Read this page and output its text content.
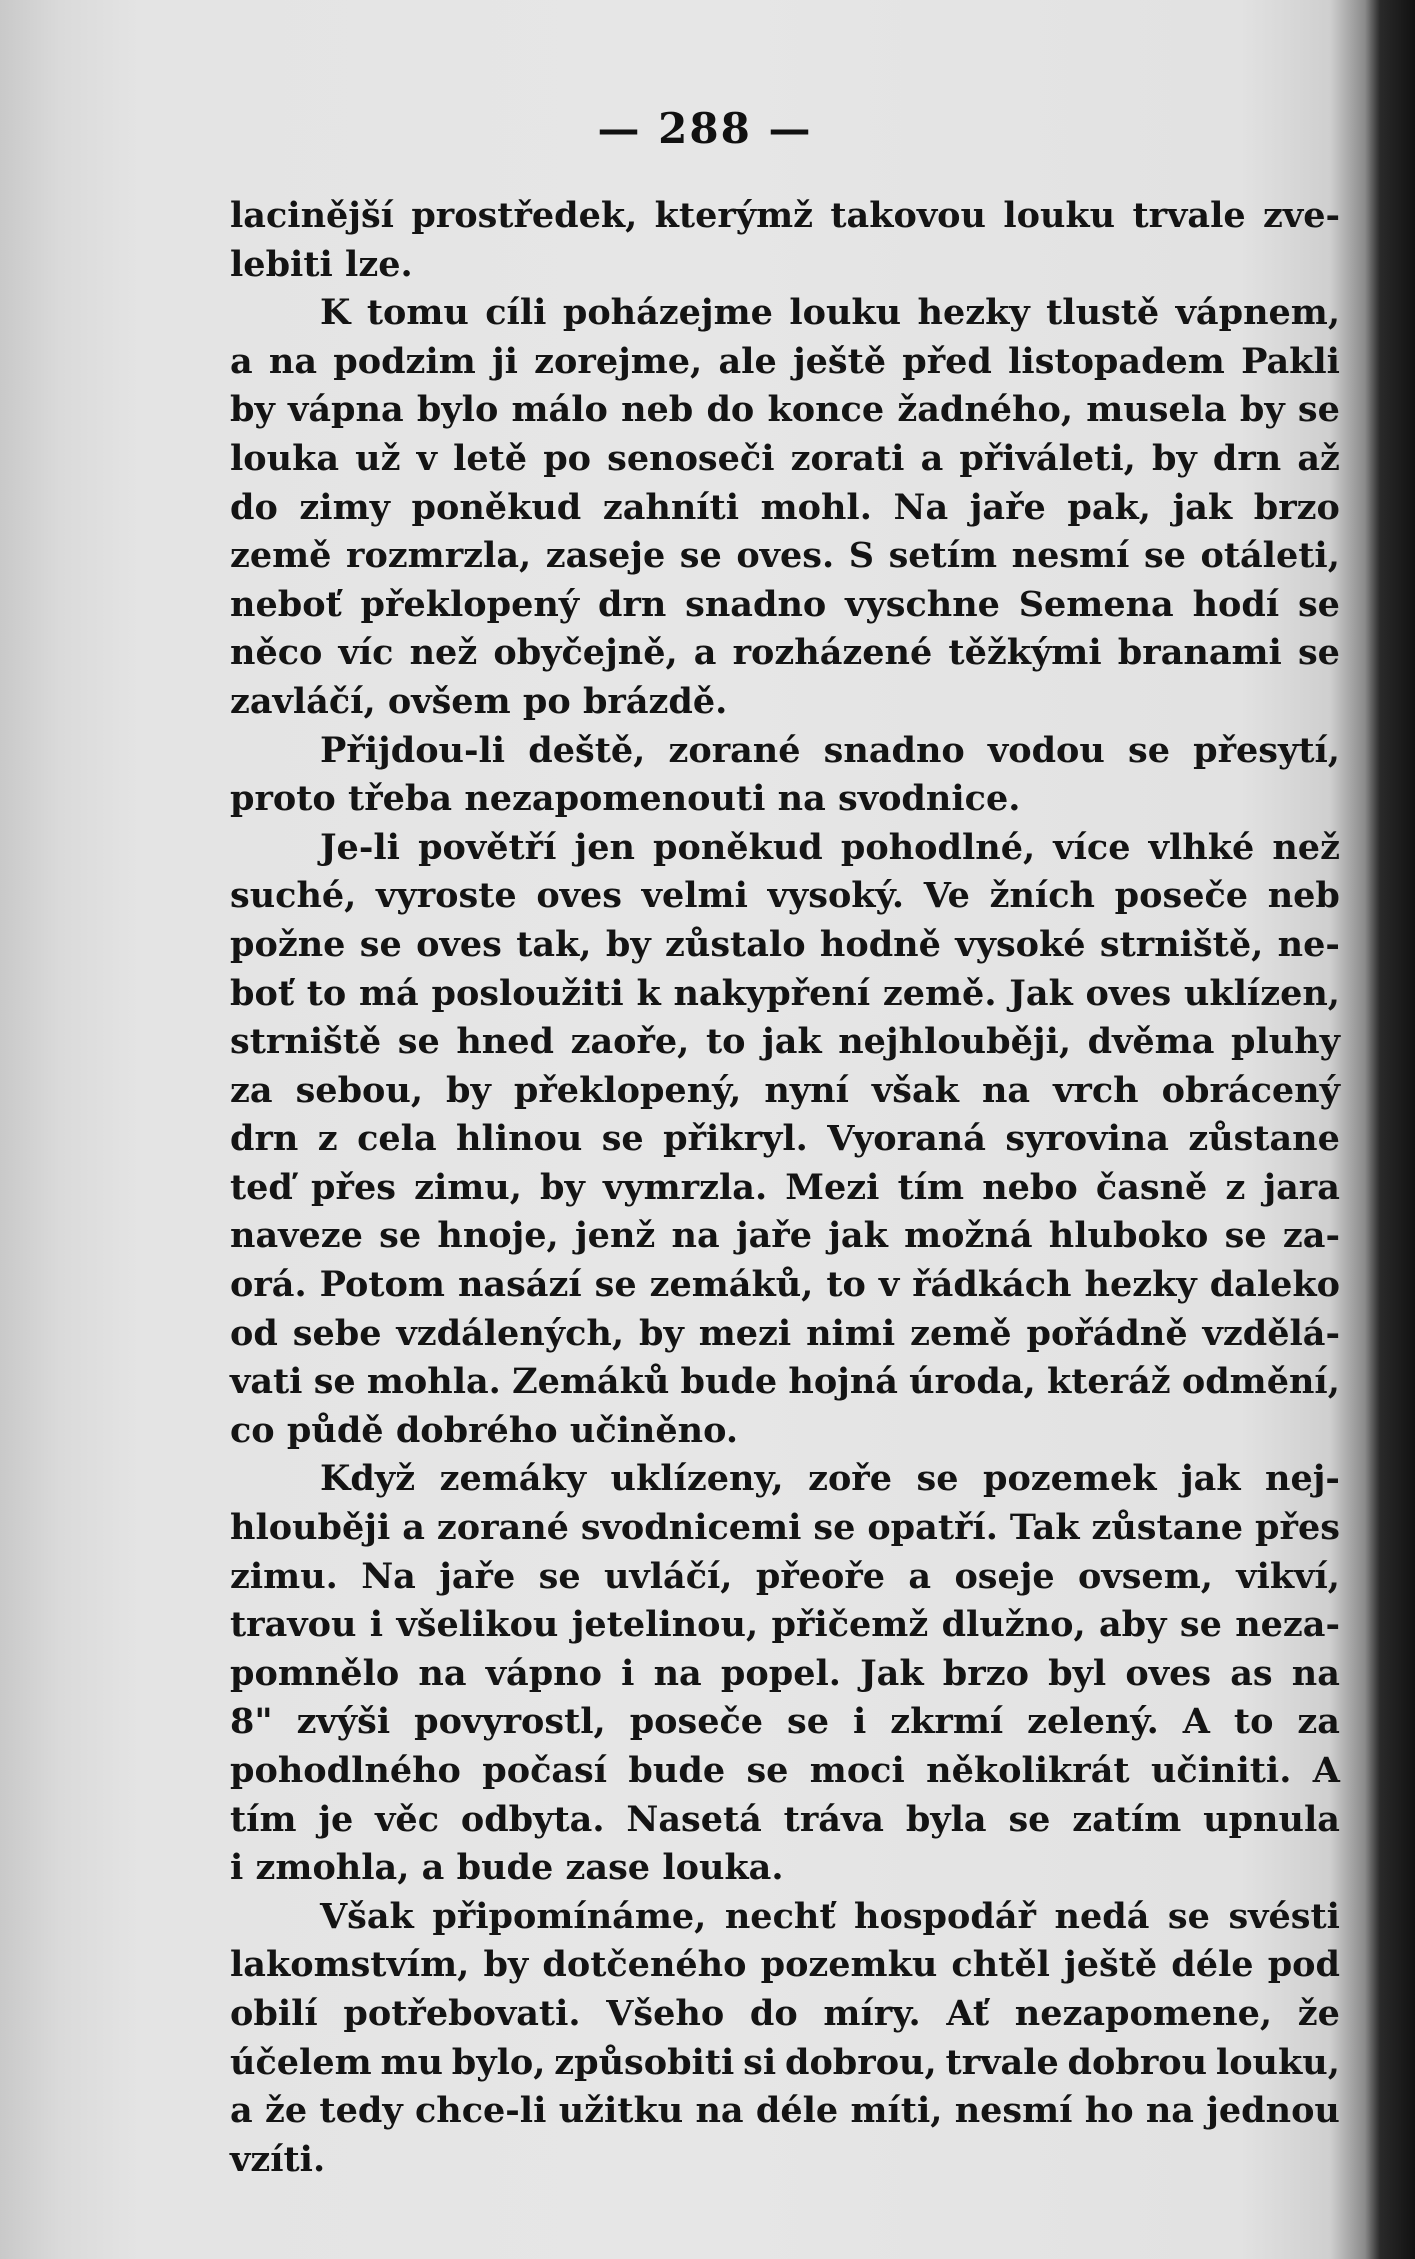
— 288 —
lacinější prostředek, kterýmž takovou louku trvale zve-
lebiti lze.
K tomu cíli poházejme louku hezky tlustě vápnem,
a na podzim ji zorejme, ale ještě před listopadem Pakli
by vápna bylo málo neb do konce žadného, musela by se
louka už v letě po senoseči zorati a přiváleti, by drn až
do zimy poněkud zahníti mohl. Na jaře pak, jak brzo
země rozmrzla, zaseje se oves. S setím nesmí se otáleti,
neboť překlopený drn snadno vyschne Semena hodí se
něco víc než obyčejně, a rozházené těžkými branami se
zavláčí, ovšem po brázdě.
Přijdou-li deště, zorané snadno vodou se přesytí,
proto třeba nezapomenouti na svodnice.
Je-li povětří jen poněkud pohodlné, více vlhké než
suché, vyroste oves velmi vysoký. Ve žních poseče neb
požne se oves tak, by zůstalo hodně vysoké strniště, ne-
boť to má posloužiti k nakypření země. Jak oves uklízen,
strniště se hned zaoře, to jak nejhlouběji, dvěma pluhy
za sebou, by překlopený, nyní však na vrch obrácený
drn z cela hlinou se přikryl. Vyoraná syrovina zůstane
teď přes zimu, by vymrzla. Mezi tím nebo časně z jara
naveze se hnoje, jenž na jaře jak možná hluboko se za-
orá. Potom nasází se zemáků, to v řádkách hezky daleko
od sebe vzdálených, by mezi nimi země pořádně vzdělá-
vati se mohla. Zemáků bude hojná úroda, kteráž odmění,
co půdě dobrého učiněno.
Když zemáky uklízeny, zoře se pozemek jak nej-
hlouběji a zorané svodnicemi se opatří. Tak zůstane přes
zimu. Na jaře se uvláčí, přeoře a oseje ovsem, vikví,
travou i všelikou jetelinou, přičemž dlužno, aby se neza-
pomnělo na vápno i na popel. Jak brzo byl oves as na
8" zvýši povyrostl, poseče se i zkrmí zelený. A to za
pohodlného počasí bude se moci několikrát učiniti. A
tím je věc odbyta. Nasetá tráva byla se zatím upnula
i zmohla, a bude zase louka.
Však připomínáme, nechť hospodář nedá se svésti
lakomstvím, by dotčeného pozemku chtěl ještě déle pod
obilí potřebovati. Všeho do míry. Ať nezapomene, že
účelem mu bylo, způsobiti si dobrou, trvale dobrou louku,
a že tedy chce-li užitku na déle míti, nesmí ho na jednou
vzíti.
